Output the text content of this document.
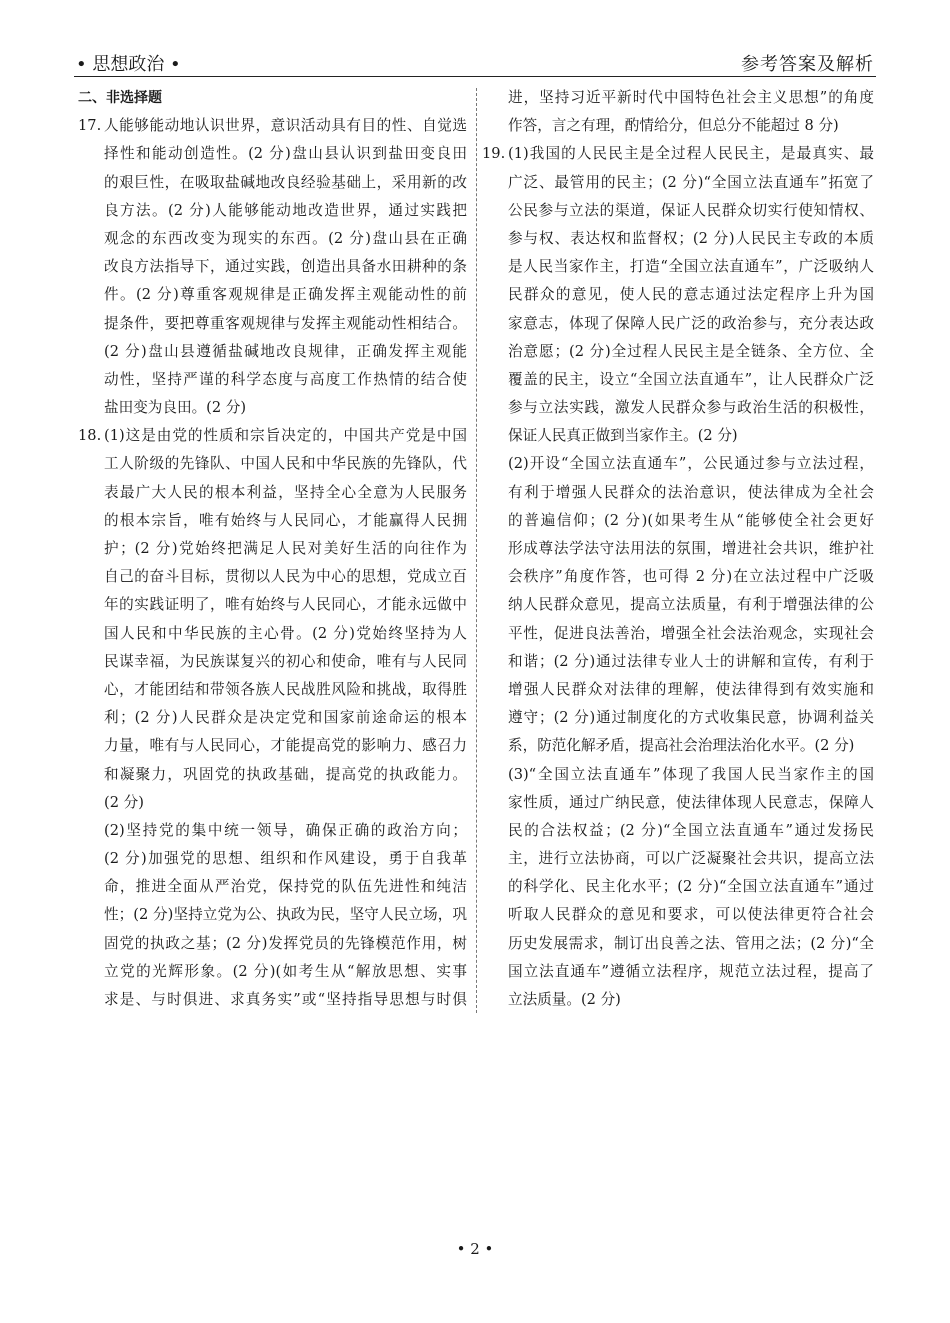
• 思想政治 •	参考答案及解析
二、非选择题
17. 人能够能动地认识世界，意识活动具有目的性、自觉选
择性和能动创造性。(2 分)盘山县认识到盐田变良田
的艰巨性，在吸取盐碱地改良经验基础上，采用新的改
良方法。(2 分)人能够能动地改造世界，通过实践把
观念的东西改变为现实的东西。(2 分)盘山县在正确
改良方法指导下，通过实践，创造出具备水田耕种的条
件。(2 分)尊重客观规律是正确发挥主观能动性的前
提条件，要把尊重客观规律与发挥主观能动性相结合。
(2 分)盘山县遵循盐碱地改良规律，正确发挥主观能
动性，坚持严谨的科学态度与高度工作热情的结合使
盐田变为良田。(2 分)
18. (1)这是由党的性质和宗旨决定的，中国共产党是中国
工人阶级的先锋队、中国人民和中华民族的先锋队，代
表最广大人民的根本利益，坚持全心全意为人民服务
的根本宗旨，唯有始终与人民同心，才能赢得人民拥
护；(2 分)党始终把满足人民对美好生活的向往作为
自己的奋斗目标，贯彻以人民为中心的思想，党成立百
年的实践证明了，唯有始终与人民同心，才能永远做中
国人民和中华民族的主心骨。(2 分)党始终坚持为人
民谋幸福，为民族谋复兴的初心和使命，唯有与人民同
心，才能团结和带领各族人民战胜风险和挑战，取得胜
利；(2 分)人民群众是决定党和国家前途命运的根本
力量，唯有与人民同心，才能提高党的影响力、感召力
和凝聚力，巩固党的执政基础，提高党的执政能力。
(2 分)
(2)坚持党的集中统一领导，确保正确的政治方向；
(2 分)加强党的思想、组织和作风建设，勇于自我革
命，推进全面从严治党，保持党的队伍先进性和纯洁
性；(2 分)坚持立党为公、执政为民，坚守人民立场，巩
固党的执政之基；(2 分)发挥党员的先锋模范作用，树
立党的光辉形象。(2 分)(如考生从“解放思想、实事
求是、与时俱进、求真务实”或“坚持指导思想与时俱
进，坚持习近平新时代中国特色社会主义思想”的角度
作答，言之有理，酌情给分，但总分不能超过 8 分)
19. (1)我国的人民民主是全过程人民民主，是最真实、最
广泛、最管用的民主；(2 分)“全国立法直通车”拓宽了
公民参与立法的渠道，保证人民群众切实行使知情权、
参与权、表达权和监督权；(2 分)人民民主专政的本质
是人民当家作主，打造“全国立法直通车”，广泛吸纳人
民群众的意见，使人民的意志通过法定程序上升为国
家意志，体现了保障人民广泛的政治参与，充分表达政
治意愿；(2 分)全过程人民民主是全链条、全方位、全
覆盖的民主，设立“全国立法直通车”，让人民群众广泛
参与立法实践，激发人民群众参与政治生活的积极性，
保证人民真正做到当家作主。(2 分)
(2)开设“全国立法直通车”，公民通过参与立法过程，
有利于增强人民群众的法治意识，使法律成为全社会
的普遍信仰；(2 分)(如果考生从“能够使全社会更好
形成尊法学法守法用法的氛围，增进社会共识，维护社
会秩序”角度作答，也可得 2 分)在立法过程中广泛吸
纳人民群众意见，提高立法质量，有利于增强法律的公
平性，促进良法善治，增强全社会法治观念，实现社会
和谐；(2 分)通过法律专业人士的讲解和宣传，有利于
增强人民群众对法律的理解，使法律得到有效实施和
遵守；(2 分)通过制度化的方式收集民意，协调利益关
系，防范化解矛盾，提高社会治理法治化水平。(2 分)
(3)“全国立法直通车”体现了我国人民当家作主的国
家性质，通过广纳民意，使法律体现人民意志，保障人
民的合法权益；(2 分)“全国立法直通车”通过发扬民
主，进行立法协商，可以广泛凝聚社会共识，提高立法
的科学化、民主化水平；(2 分)“全国立法直通车”通过
听取人民群众的意见和要求，可以使法律更符合社会
历史发展需求，制订出良善之法、管用之法；(2 分)“全
国立法直通车”遵循立法程序，规范立法过程，提高了
立法质量。(2 分)
• 2 •
